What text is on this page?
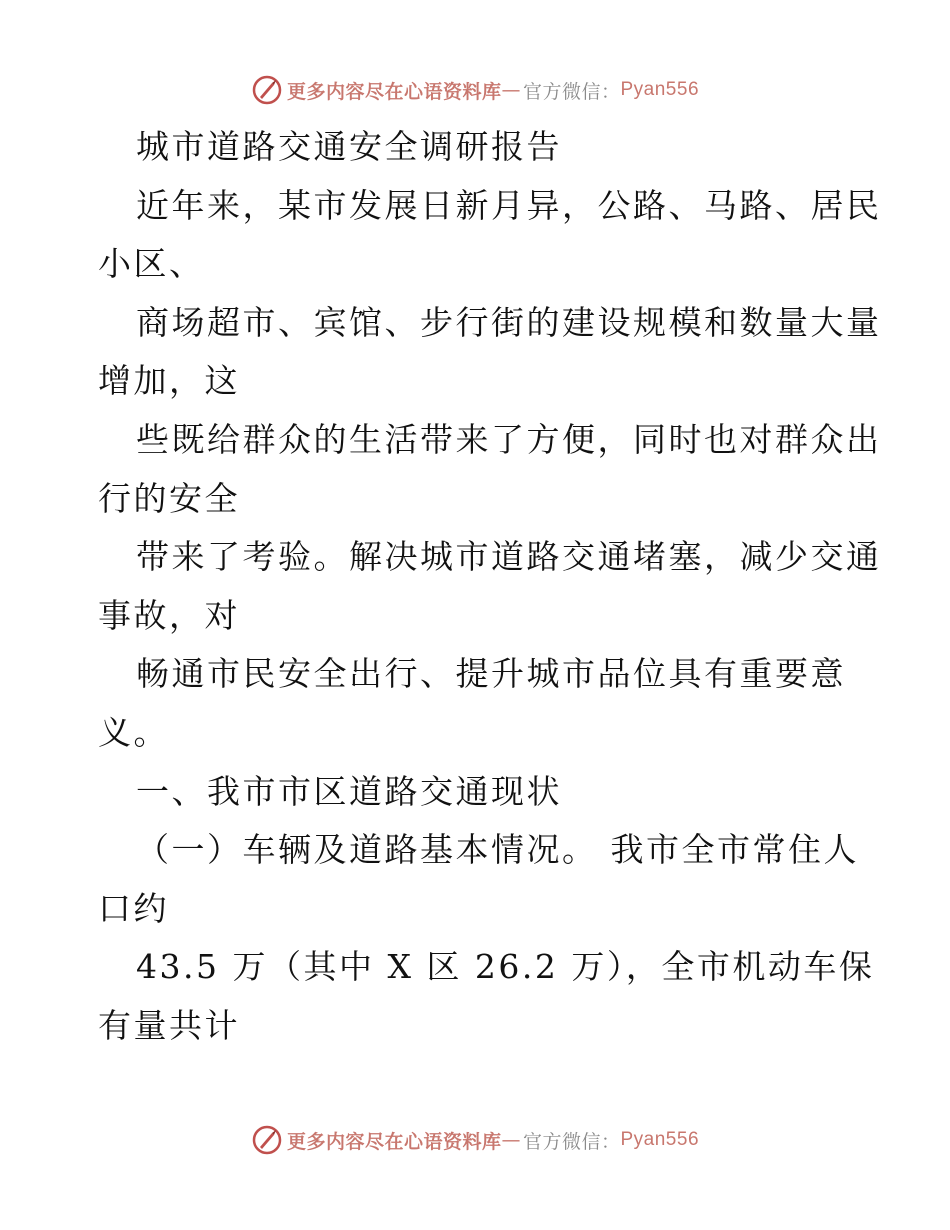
更多内容尽在心语资料库 — 官方微信： Pyan556
城市道路交通安全调研报告
近年来，某市发展日新月异，公路、马路、居民
小区、
商场超市、宾馆、步行街的建设规模和数量大量
增加，这
些既给群众的生活带来了方便，同时也对群众出
行的安全
带来了考验。解决城市道路交通堵塞，减少交通
事故，对
畅通市民安全出行、提升城市品位具有重要意
义。
一、我市市区道路交通现状
（一）车辆及道路基本情况。 我市全市常住人
口约
43.5 万（其中 X 区 26.2 万），全市机动车保
有量共计
更多内容尽在心语资料库 — 官方微信： Pyan556
